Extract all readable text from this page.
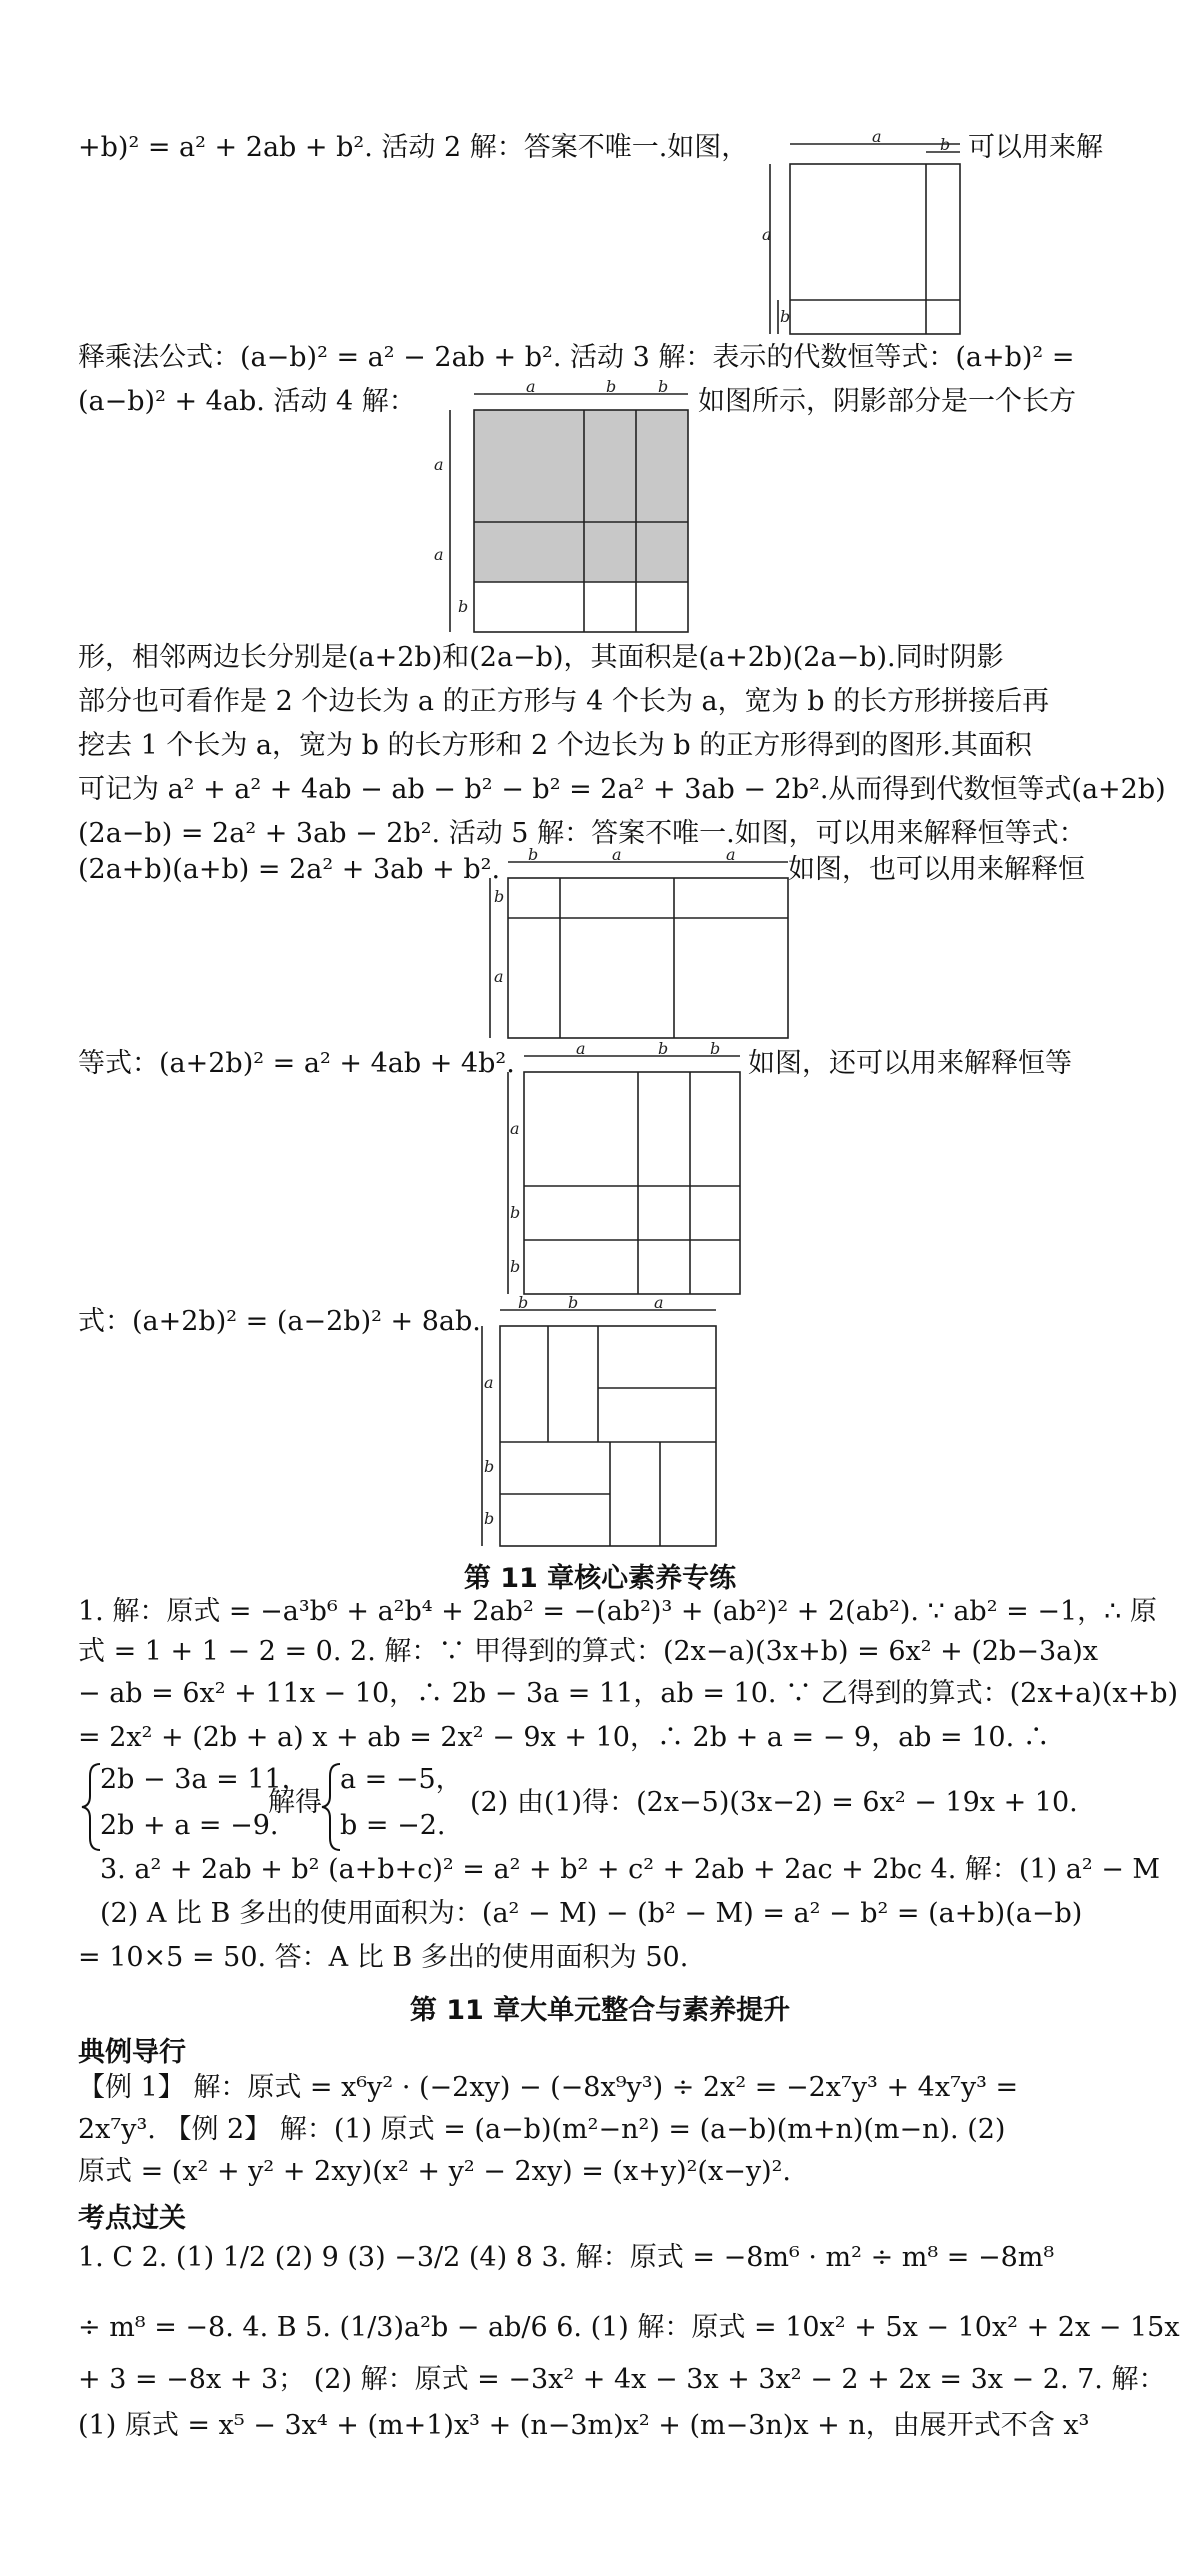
+b)² = a² + 2ab + b². 活动 2 解：答案不唯一.如图，	可以用来解
释乘法公式：(a−b)² = a² − 2ab + b². 活动 3 解：表示的代数恒等式：(a+b)² =
(a−b)² + 4ab. 活动 4 解：	如图所示，阴影部分是一个长方
形，相邻两边长分别是(a+2b)和(2a−b)，其面积是(a+2b)(2a−b).同时阴影
部分也可看作是 2 个边长为 a 的正方形与 4 个长为 a，宽为 b 的长方形拼接后再
挖去 1 个长为 a，宽为 b 的长方形和 2 个边长为 b 的正方形得到的图形.其面积
可记为 a² + a² + 4ab − ab − b² − b² = 2a² + 3ab − 2b².从而得到代数恒等式(a+2b)
(2a−b) = 2a² + 3ab − 2b². 活动 5 解：答案不唯一.如图，可以用来解释恒等式：
(2a+b)(a+b) = 2a² + 3ab + b².	如图，也可以用来解释恒
等式：(a+2b)² = a² + 4ab + 4b².	如图，还可以用来解释恒等
式：(a+2b)² = (a−2b)² + 8ab.
第 11 章核心素养专练
1. 解：原式 = −a³b⁶ + a²b⁴ + 2ab² = −(ab²)³ + (ab²)² + 2(ab²). ∵ ab² = −1，∴ 原
式 = 1 + 1 − 2 = 0. 2. 解：∵ 甲得到的算式：(2x−a)(3x+b) = 6x² + (2b−3a)x
− ab = 6x² + 11x − 10，∴ 2b − 3a = 11，ab = 10. ∵ 乙得到的算式：(2x+a)(x+b)
= 2x² + (2b + a) x + ab = 2x² − 9x + 10，∴ 2b + a = − 9，ab = 10. ∴
2b − 3a = 11，
解得
a = −5，
(2) 由(1)得：(2x−5)(3x−2) = 6x² − 19x + 10.
2b + a = −9. b = −2.
3. a² + 2ab + b² (a+b+c)² = a² + b² + c² + 2ab + 2ac + 2bc 4. 解：(1) a² − M
(2) A 比 B 多出的使用面积为：(a² − M) − (b² − M) = a² − b² = (a+b)(a−b)
= 10×5 = 50. 答：A 比 B 多出的使用面积为 50.
第 11 章大单元整合与素养提升
典例导行
【例 1】 解：原式 = x⁶y² · (−2xy) − (−8x⁹y³) ÷ 2x² = −2x⁷y³ + 4x⁷y³ =
2x⁷y³. 【例 2】 解：(1) 原式 = (a−b)(m²−n²) = (a−b)(m+n)(m−n). (2)
原式 = (x² + y² + 2xy)(x² + y² − 2xy) = (x+y)²(x−y)².
考点过关
1. C 2. (1) 1/2 (2) 9 (3) −3/2 (4) 8 3. 解：原式 = −8m⁶ · m² ÷ m⁸ = −8m⁸
÷ m⁸ = −8. 4. B 5. (1/3)a²b − ab/6 6. (1) 解：原式 = 10x² + 5x − 10x² + 2x − 15x
+ 3 = −8x + 3； (2) 解：原式 = −3x² + 4x − 3x + 3x² − 2 + 2x = 3x − 2. 7. 解：
(1) 原式 = x⁵ − 3x⁴ + (m+1)x³ + (n−3m)x² + (m−3n)x + n，由展开式不含 x³
a	b
a
b
a	b	b
a
a
b
b	a	a
b
a
a	b	b
a
b
b
b b	a
a
b
b
